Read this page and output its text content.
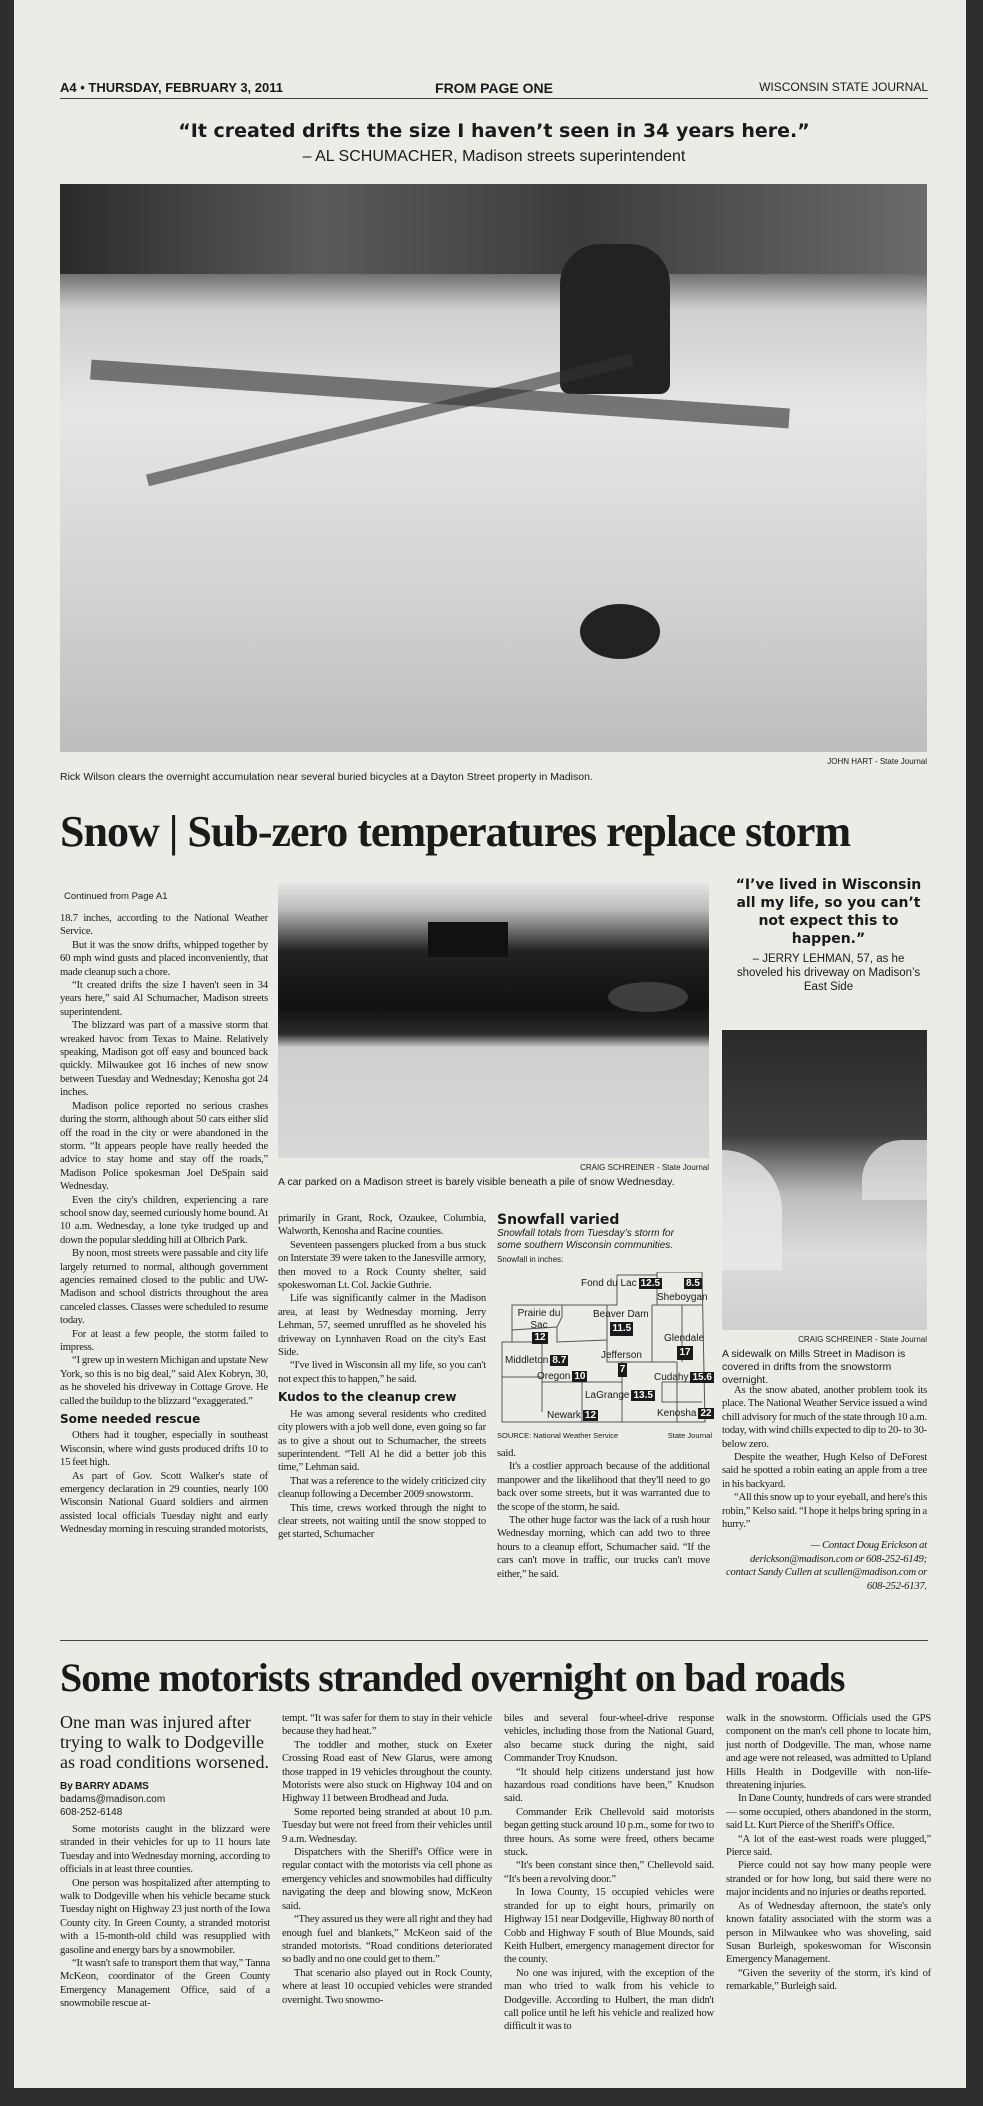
A4 • THURSDAY, FEBRUARY 3, 2011	FROM PAGE ONE	WISCONSIN STATE JOURNAL
“It created drifts the size I haven’t seen in 34 years here.”
– AL SCHUMACHER, Madison streets superintendent
JOHN HART - State Journal
Rick Wilson clears the overnight accumulation near several buried bicycles at a Dayton Street property in Madison.
Snow | Sub-zero temperatures replace storm
Continued from Page A1

18.7 inches, according to the National Weather Service.

But it was the snow drifts, whipped together by 60 mph wind gusts and placed inconveniently, that made cleanup such a chore.

“It created drifts the size I haven't seen in 34 years here,” said Al Schumacher, Madison streets superintendent.

The blizzard was part of a massive storm that wreaked havoc from Texas to Maine. Relatively speaking, Madison got off easy and bounced back quickly. Milwaukee got 16 inches of new snow between Tuesday and Wednesday; Kenosha got 24 inches.

Madison police reported no serious crashes during the storm, although about 50 cars either slid off the road in the city or were abandoned in the storm. “It appears people have really heeded the advice to stay home and stay off the roads,” Madison Police spokesman Joel DeSpain said Wednesday.

Even the city's children, experiencing a rare school snow day, seemed curiously home bound. At 10 a.m. Wednesday, a lone tyke trudged up and down the popular sledding hill at Olbrich Park.

By noon, most streets were passable and city life largely returned to normal, although government agencies remained closed to the public and UW-Madison and school districts throughout the area canceled classes. Classes were scheduled to resume today.

For at least a few people, the storm failed to impress.

“I grew up in western Michigan and upstate New York, so this is no big deal,” said Alex Kobryn, 30, as he shoveled his driveway in Cottage Grove. He called the buildup to the blizzard “exaggerated.”

Some needed rescue

Others had it tougher, especially in southeast Wisconsin, where wind gusts produced drifts 10 to 15 feet high.

As part of Gov. Scott Walker's state of emergency declaration in 29 counties, nearly 100 Wisconsin National Guard soldiers and airmen assisted local officials Tuesday night and early Wednesday morning in rescuing stranded motorists,

CRAIG SCHREINER - State Journal
A car parked on a Madison street is barely visible beneath a pile of snow Wednesday.

primarily in Grant, Rock, Ozaukee, Columbia, Walworth, Kenosha and Racine counties.

Seventeen passengers plucked from a bus stuck on Interstate 39 were taken to the Janesville armory, then moved to a Rock County shelter, said spokeswoman Lt. Col. Jackie Guthrie.

Life was significantly calmer in the Madison area, at least by Wednesday morning. Jerry Lehman, 57, seemed unruffled as he shoveled his driveway on Lynnhaven Road on the city's East Side.

“I've lived in Wisconsin all my life, so you can't not expect this to happen,” he said.

Kudos to the cleanup crew

He was among several residents who credited city plowers with a job well done, even going so far as to give a shout out to Schumacher, the streets superintendent. “Tell Al he did a better job this time,” Lehman said.

That was a reference to the widely criticized city cleanup following a December 2009 snowstorm.

This time, crews worked through the night to clear streets, not waiting until the snow stopped to get started, Schumacher

Snowfall varied
Snowfall totals from Tuesday’s storm for some southern Wisconsin communities.
Snowfall in inches:
Fond du Lac 12.5	8.5
Sheboygan
Prairie du Sac
12
Beaver Dam
11.5
Glendale
17
Middleton 8.7	Jefferson
7
Oregon 10	Cudahy 15.6
LaGrange 13.5
Newark 12	Kenosha 22
SOURCE: National Weather Service	State Journal

said.

It's a costlier approach because of the additional manpower and the likelihood that they'll need to go back over some streets, but it was warranted due to the scope of the storm, he said.

The other huge factor was the lack of a rush hour Wednesday morning, which can add two to three hours to a cleanup effort, Schumacher said. “If the cars can't move in traffic, our trucks can't move either,” he said.

“I’ve lived in Wisconsin all my life, so you can’t not expect this to happen.”
– JERRY LEHMAN, 57, as he shoveled his driveway on Madison’s East Side
CRAIG SCHREINER - State Journal
A sidewalk on Mills Street in Madison is covered in drifts from the snowstorm overnight.

As the snow abated, another problem took its place. The National Weather Service issued a wind chill advisory for much of the state through 10 a.m. today, with wind chills expected to dip to 20- to 30-below zero.

Despite the weather, Hugh Kelso of DeForest said he spotted a robin eating an apple from a tree in his backyard.

“All this snow up to your eyeball, and here's this robin,” Kelso said. “I hope it helps bring spring in a hurry.”

— Contact Doug Erickson at derickson@madison.com or 608-252-6149; contact Sandy Cullen at scullen@madison.com or 608-252-6137.
Some motorists stranded overnight on bad roads
One man was injured after trying to walk to Dodgeville as road conditions worsened.
By BARRY ADAMS
badams@madison.com
608-252-6148

Some motorists caught in the blizzard were stranded in their vehicles for up to 11 hours late Tuesday and into Wednesday morning, according to officials in at least three counties.

One person was hospitalized after attempting to walk to Dodgeville when his vehicle became stuck Tuesday night on Highway 23 just north of the Iowa County city. In Green County, a stranded motorist with a 15-month-old child was resupplied with gasoline and energy bars by a snowmobiler.

“It wasn't safe to transport them that way,” Tanna McKeon, coordinator of the Green County Emergency Management Office, said of a snowmobile rescue at-

tempt. “It was safer for them to stay in their vehicle because they had heat.”

The toddler and mother, stuck on Exeter Crossing Road east of New Glarus, were among those trapped in 19 vehicles throughout the county. Motorists were also stuck on Highway 104 and on Highway 11 between Brodhead and Juda.

Some reported being stranded at about 10 p.m. Tuesday but were not freed from their vehicles until 9 a.m. Wednesday.

Dispatchers with the Sheriff's Office were in regular contact with the motorists via cell phone as emergency vehicles and snowmobiles had difficulty navigating the deep and blowing snow, McKeon said.

“They assured us they were all right and they had enough fuel and blankets,” McKeon said of the stranded motorists. “Road conditions deteriorated so badly and no one could get to them.”

That scenario also played out in Rock County, where at least 10 occupied vehicles were stranded overnight. Two snowmo-

biles and several four-wheel-drive response vehicles, including those from the National Guard, also became stuck during the night, said Commander Troy Knudson.

“It should help citizens understand just how hazardous road conditions have been,” Knudson said.

Commander Erik Chellevold said motorists began getting stuck around 10 p.m., some for two to three hours. As some were freed, others became stuck.

“It's been constant since then,” Chellevold said. “It's been a revolving door.”

In Iowa County, 15 occupied vehicles were stranded for up to eight hours, primarily on Highway 151 near Dodgeville, Highway 80 north of Cobb and Highway F south of Blue Mounds, said Keith Hulbert, emergency management director for the county.

No one was injured, with the exception of the man who tried to walk from his vehicle to Dodgeville. According to Hulbert, the man didn't call police until he left his vehicle and realized how difficult it was to

walk in the snowstorm. Officials used the GPS component on the man's cell phone to locate him, just north of Dodgeville. The man, whose name and age were not released, was admitted to Upland Hills Health in Dodgeville with non-life-threatening injuries.

In Dane County, hundreds of cars were stranded — some occupied, others abandoned in the storm, said Lt. Kurt Pierce of the Sheriff's Office.

“A lot of the east-west roads were plugged,” Pierce said.

Pierce could not say how many people were stranded or for how long, but said there were no major incidents and no injuries or deaths reported.

As of Wednesday afternoon, the state's only known fatality associated with the storm was a person in Milwaukee who was shoveling, said Susan Burleigh, spokeswoman for Wisconsin Emergency Management.

“Given the severity of the storm, it's kind of remarkable,” Burleigh said.
